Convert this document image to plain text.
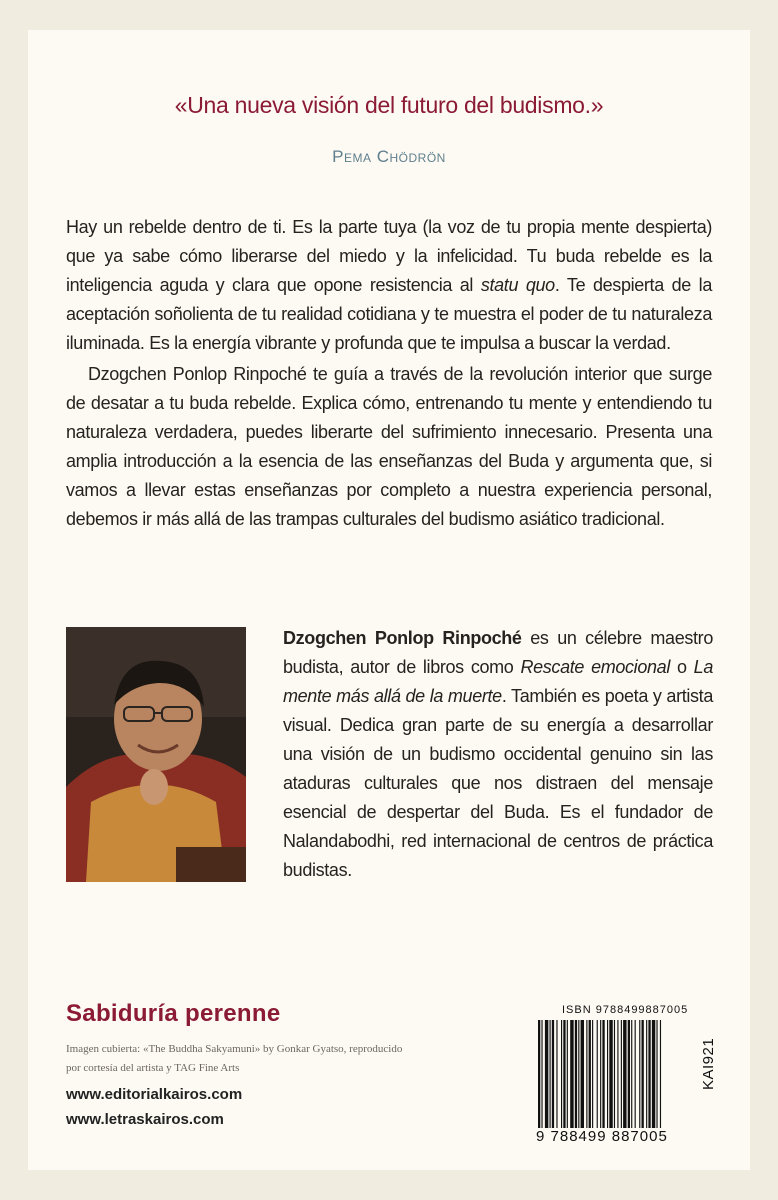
«Una nueva visión del futuro del budismo.»
Pema Chödrön

Hay un rebelde dentro de ti. Es la parte tuya (la voz de tu propia mente despierta) que ya sabe cómo liberarse del miedo y la infelicidad. Tu buda rebelde es la inteligencia aguda y clara que opone resistencia al statu quo. Te despierta de la aceptación soñolienta de tu realidad cotidiana y te muestra el poder de tu naturaleza iluminada. Es la energía vibrante y profunda que te impulsa a buscar la verdad.

Dzogchen Ponlop Rinpoché te guía a través de la revolución interior que surge de desatar a tu buda rebelde. Explica cómo, entrenando tu mente y entendiendo tu naturaleza verdadera, puedes liberarte del sufrimiento innecesario. Presenta una amplia introducción a la esencia de las enseñanzas del Buda y argumenta que, si vamos a llevar estas enseñanzas por completo a nuestra experiencia personal, debemos ir más allá de las trampas culturales del budismo asiático tradicional.

Dzogchen Ponlop Rinpoché es un célebre maestro budista, autor de libros como Rescate emocional o La mente más allá de la muerte. También es poeta y artista visual. Dedica gran parte de su energía a desarrollar una visión de un budismo occidental genuino sin las ataduras culturales que nos distraen del mensaje esencial de despertar del Buda. Es el fundador de Nalandabodhi, red internacional de centros de práctica budistas.
Sabiduría perenne
Imagen cubierta: «The Buddha Sakyamuni» by Gonkar Gyatso, reproducido por cortesía del artista y TAG Fine Arts
www.editorialkairos.com
www.letraskairos.com
ISBN 9788499887005
9 788499 887005
KAI921
